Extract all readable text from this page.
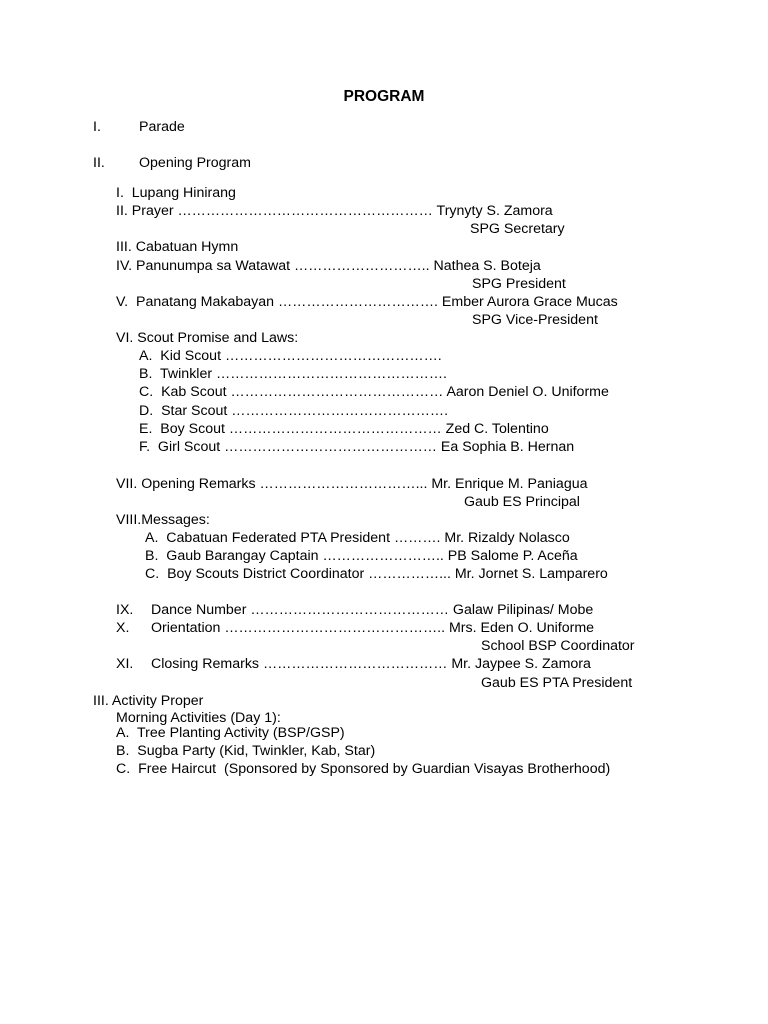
PROGRAM
I.	Parade
II. Opening Program
I.  Lupang Hinirang
II. Prayer ……………………………………………… Trynyty S. Zamora
SPG Secretary
III. Cabatuan Hymn
IV. Panunumpa sa Watawat ……………………….. Nathea S. Boteja
SPG President
V.  Panatang Makabayan ……………………………. Ember Aurora Grace Mucas
SPG Vice-President
VI. Scout Promise and Laws:
A.  Kid Scout ……………………………………….
B.  Twinkler ………………………………………….
C.  Kab Scout ……………………………………… Aaron Deniel O. Uniforme
D.  Star Scout ……………………………………….
E.  Boy Scout ……………………………………… Zed C. Tolentino
F.  Girl Scout ……………………………………… Ea Sophia B. Hernan
VII. Opening Remarks ……………………………... Mr. Enrique M. Paniagua
Gaub ES Principal
VIII.Messages:
A.  Cabatuan Federated PTA President ………. Mr. Rizaldy Nolasco
B.  Gaub Barangay Captain …………………….. PB Salome P. Aceña
C.  Boy Scouts District Coordinator ……………... Mr. Jornet S. Lamparero
IX. Dance Number …………………………………… Galaw Pilipinas/ Mobe
X. Orientation ……………………………………….. Mrs. Eden O. Uniforme
School BSP Coordinator
XI. Closing Remarks ………………………………… Mr. Jaypee S. Zamora
Gaub ES PTA President
III. Activity Proper
Morning Activities (Day 1):
A.  Tree Planting Activity (BSP/GSP)
B.  Sugba Party (Kid, Twinkler, Kab, Star)
C.  Free Haircut  (Sponsored by Sponsored by Guardian Visayas Brotherhood)
